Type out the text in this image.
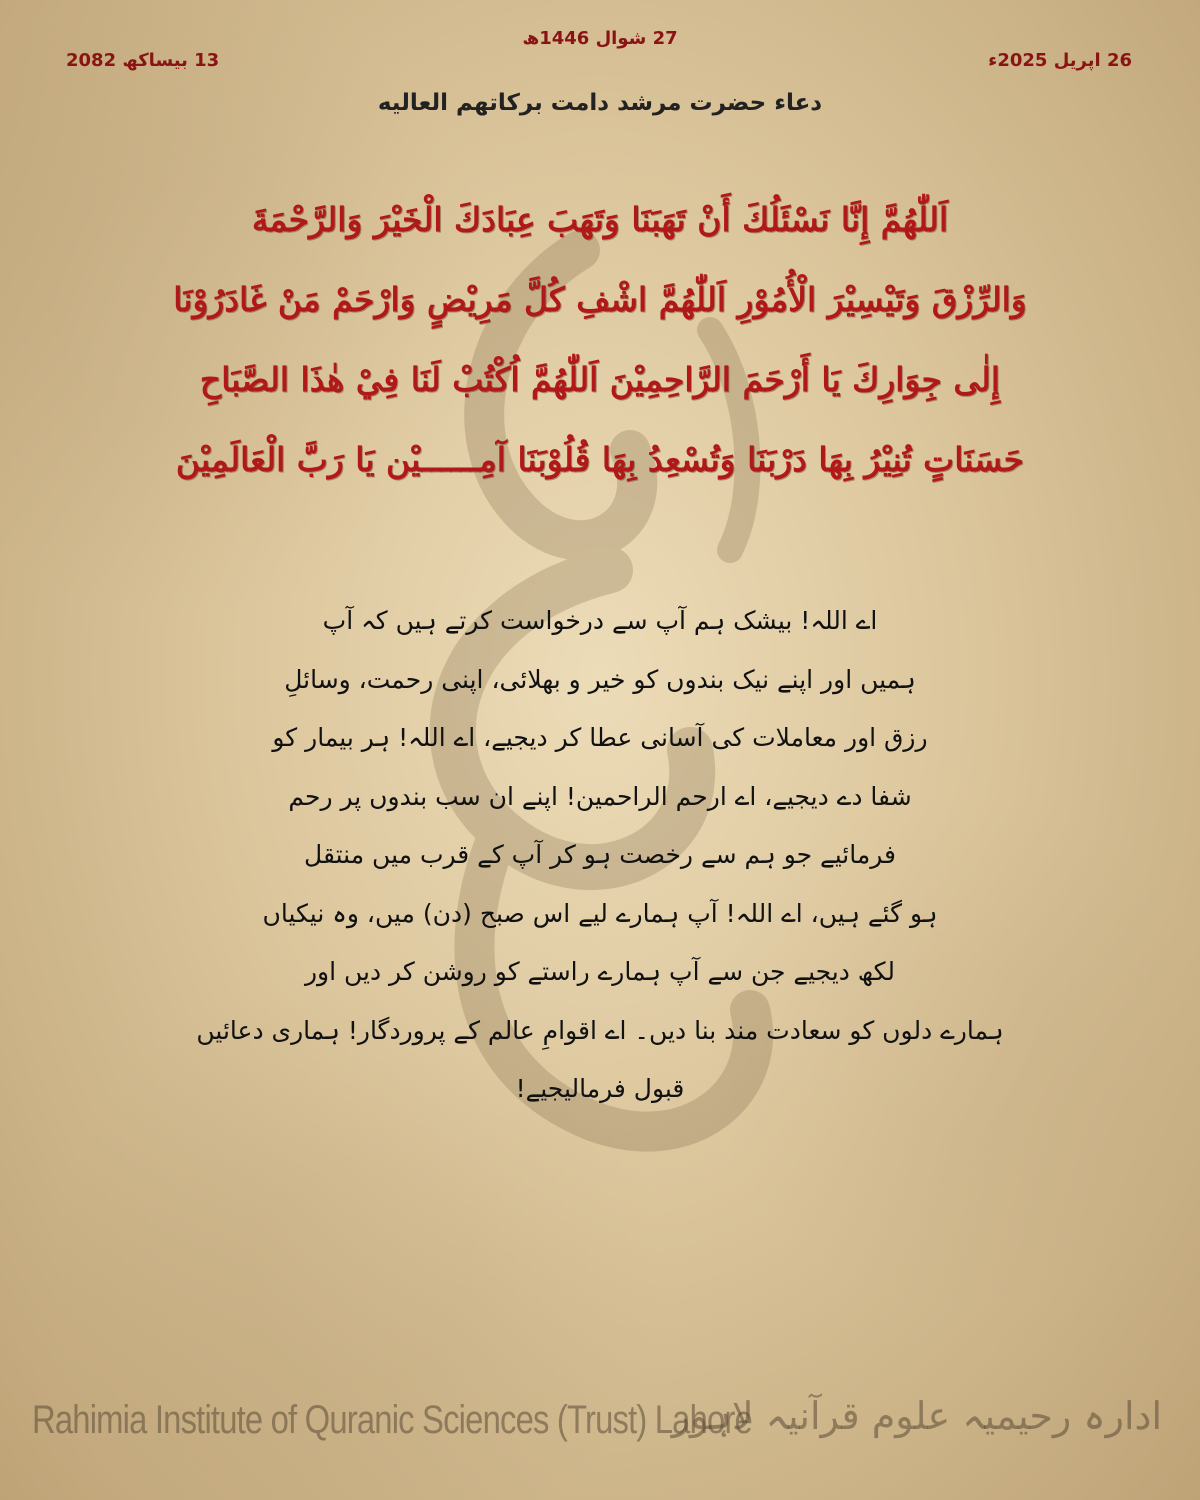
27 شوال 1446ھ
26 اپریل 2025ء
13 بیساکھ 2082
دعاء حضرت مرشد دامت برکاتهم العالیه
اَللّٰهُمَّ إِنَّا نَسْئَلُكَ أَنْ تَهَبَنَا وَتَهَبَ عِبَادَكَ الْخَيْرَ وَالرَّحْمَةَ
وَالرِّزْقَ وَتَيْسِيْرَ الْأُمُوْرِ اَللّٰهُمَّ اشْفِ كُلَّ مَرِيْضٍ وَارْحَمْ مَنْ غَادَرُوْنَا
إِلٰى جِوَارِكَ يَا أَرْحَمَ الرَّاحِمِيْنَ اَللّٰهُمَّ اُكْتُبْ لَنَا فِيْ هٰذَا الصَّبَاحِ
حَسَنَاتٍ تُنِيْرُ بِهَا دَرْبَنَا وَتُسْعِدُ بِهَا قُلُوْبَنَا آمِــــــيْن يَا رَبَّ الْعَالَمِيْنَ
اے اللہ! بیشک ہم آپ سے درخواست کرتے ہیں کہ آپ
ہمیں اور اپنے نیک بندوں کو خیر و بھلائی، اپنی رحمت، وسائلِ
رزق اور معاملات کی آسانی عطا کر دیجیے، اے اللہ! ہر بیمار کو
شفا دے دیجیے، اے ارحم الراحمین! اپنے ان سب بندوں پر رحم
فرمائیے جو ہم سے رخصت ہو کر آپ کے قرب میں منتقل
ہو گئے ہیں، اے اللہ! آپ ہمارے لیے اس صبح (دن) میں، وہ نیکیاں
لکھ دیجیے جن سے آپ ہمارے راستے کو روشن کر دیں اور
ہمارے دلوں کو سعادت مند بنا دیں۔ اے اقوامِ عالم کے پروردگار! ہماری دعائیں
قبول فرمالیجیے!
Rahimia Institute of Quranic Sciences (Trust) Lahore
ادارہ رحیمیہ علوم قرآنیہ لاہور
